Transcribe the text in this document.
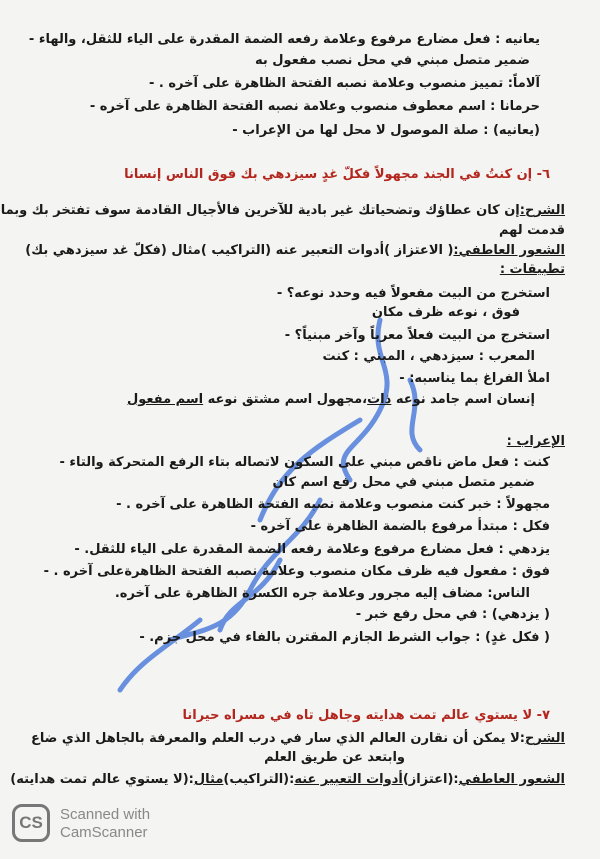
يعانيه : فعل مضارع مرفوع وعلامة رفعه الضمة المقدرة على الياء للثقل، والهاء -
ضمير متصل مبني في محل نصب مفعول به
آلاماً: تمييز منصوب وعلامة نصبه الفتحة الظاهرة على آخره . -
حرمانا : اسم معطوف منصوب وعلامة نصبه الفتحة الظاهرة على آخره -
(يعانيه) : صلة الموصول لا محل لها من الإعراب -
٦- إن كنتُ في الجند مجهولاً فكلّ غدٍ سيزدهي بك فوق الناس إنسانا
الشرح:إن كان عطاؤك وتضحياتك غير بادية للآخرين فالأجيال القادمة سوف تفتخر بك وبما
قدمت لهم
الشعور العاطفي:( الاعتزاز )أدوات التعبير عنه (التراكيب )مثال (فكلّ غد سيزدهي بك)
تطبيقات :
استخرج من البيت مفعولاً فيه وحدد نوعه؟ -
فوق ، نوعه ظرف مكان
استخرج من البيت فعلاً معرباً وآخر مبنياً؟ -
المعرب : سيزدهي ، المبني : كنت
املأ الفراغ بما يناسبه: -
إنسان اسم جامد نوعه ذات،مجهول اسم مشتق نوعه اسم مفعول
الإعراب :
كنت : فعل ماض ناقص مبني على السكون لاتصاله بتاء الرفع المتحركة والتاء -
ضمير متصل مبني في محل رفع اسم كان
مجهولاً : خبر كنت منصوب وعلامة نصبه الفتحة الظاهرة على آخره . -
فكل : مبتدأ مرفوع بالضمة الظاهرة على آخره -
يزدهي : فعل مضارع مرفوع وعلامة رفعه الضمة المقدرة على الياء للثقل. -
فوق : مفعول فيه ظرف مكان منصوب وعلامة نصبه الفتحة الظاهرةعلى آخره . -
الناس: مضاف إليه مجرور وعلامة جره الكسرة الظاهرة على آخره.
( يزدهي) : في محل رفع خبر -
( فكل غدٍ) : جواب الشرط الجازم المقترن بالفاء في محل جزم. -
٧- لا يستوي عالم تمت هدايته وجاهل تاه في مسراه حيرانا
الشرح:لا يمكن أن نقارن العالم الذي سار في درب العلم والمعرفة بالجاهل الذي ضاع
وابتعد عن طريق العلم
الشعور العاطفي:(اعتزاز)أدوات التعبير عنه:(التراكيب)مثال:(لا يستوي عالم تمت هدايته)
CS	Scanned with
CamScanner
